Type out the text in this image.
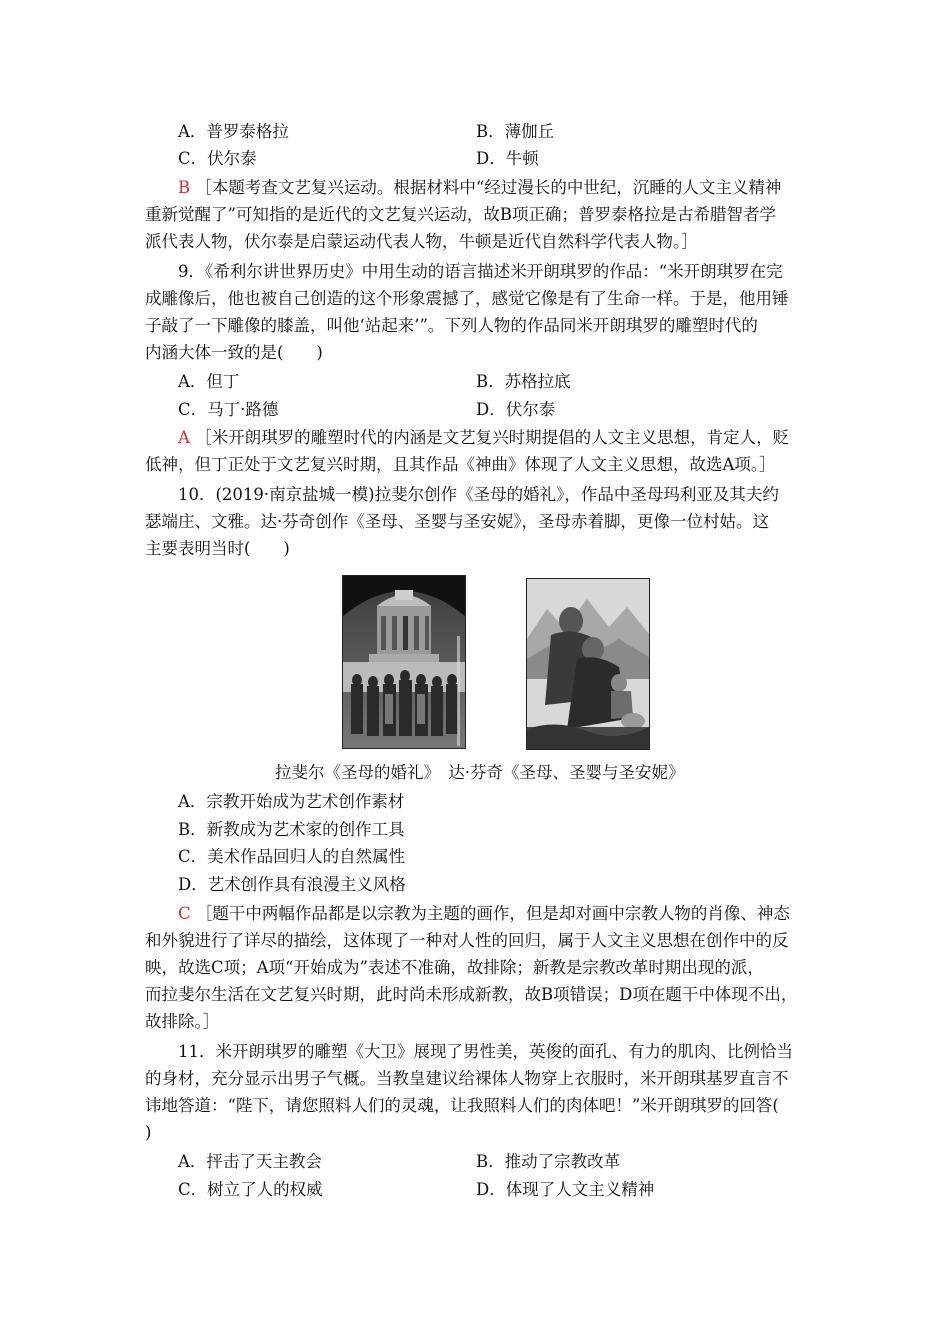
A．普罗泰格拉	B．薄伽丘
C．伏尔泰	D．牛顿
B ［本题考查文艺复兴运动。根据材料中“经过漫长的中世纪，沉睡的人文主义精神
重新觉醒了”可知指的是近代的文艺复兴运动，故B项正确；普罗泰格拉是古希腊智者学
派代表人物，伏尔泰是启蒙运动代表人物，牛顿是近代自然科学代表人物。］
9．《希利尔讲世界历史》中用生动的语言描述米开朗琪罗的作品：“米开朗琪罗在完
成雕像后，他也被自己创造的这个形象震撼了，感觉它像是有了生命一样。于是，他用锤
子敲了一下雕像的膝盖，叫他‘站起来’”。下列人物的作品同米开朗琪罗的雕塑时代的
内涵大体一致的是(　　)
A．但丁	B．苏格拉底
C．马丁·路德	D．伏尔泰
A ［米开朗琪罗的雕塑时代的内涵是文艺复兴时期提倡的人文主义思想，肯定人，贬
低神，但丁正处于文艺复兴时期，且其作品《神曲》体现了人文主义思想，故选A项。］
10．(2019·南京盐城一模)拉斐尔创作《圣母的婚礼》，作品中圣母玛利亚及其夫约
瑟端庄、文雅。达·芬奇创作《圣母、圣婴与圣安妮》，圣母赤着脚，更像一位村姑。这
主要表明当时(　　)
拉斐尔《圣母的婚礼》　达·芬奇《圣母、圣婴与圣安妮》
A．宗教开始成为艺术创作素材
B．新教成为艺术家的创作工具
C．美术作品回归人的自然属性
D．艺术创作具有浪漫主义风格
C ［题干中两幅作品都是以宗教为主题的画作，但是却对画中宗教人物的肖像、神态
和外貌进行了详尽的描绘，这体现了一种对人性的回归，属于人文主义思想在创作中的反
映，故选C项；A项“开始成为”表述不准确，故排除；新教是宗教改革时期出现的派，
而拉斐尔生活在文艺复兴时期，此时尚未形成新教，故B项错误；D项在题干中体现不出，
故排除。］
11．米开朗琪罗的雕塑《大卫》展现了男性美，英俊的面孔、有力的肌肉、比例恰当
的身材，充分显示出男子气概。当教皇建议给裸体人物穿上衣服时，米开朗琪基罗直言不
讳地答道：“陛下，请您照料人们的灵魂，让我照料人们的肉体吧！”米开朗琪罗的回答(
)
A．抨击了天主教会	B．推动了宗教改革
C．树立了人的权威	D．体现了人文主义精神
